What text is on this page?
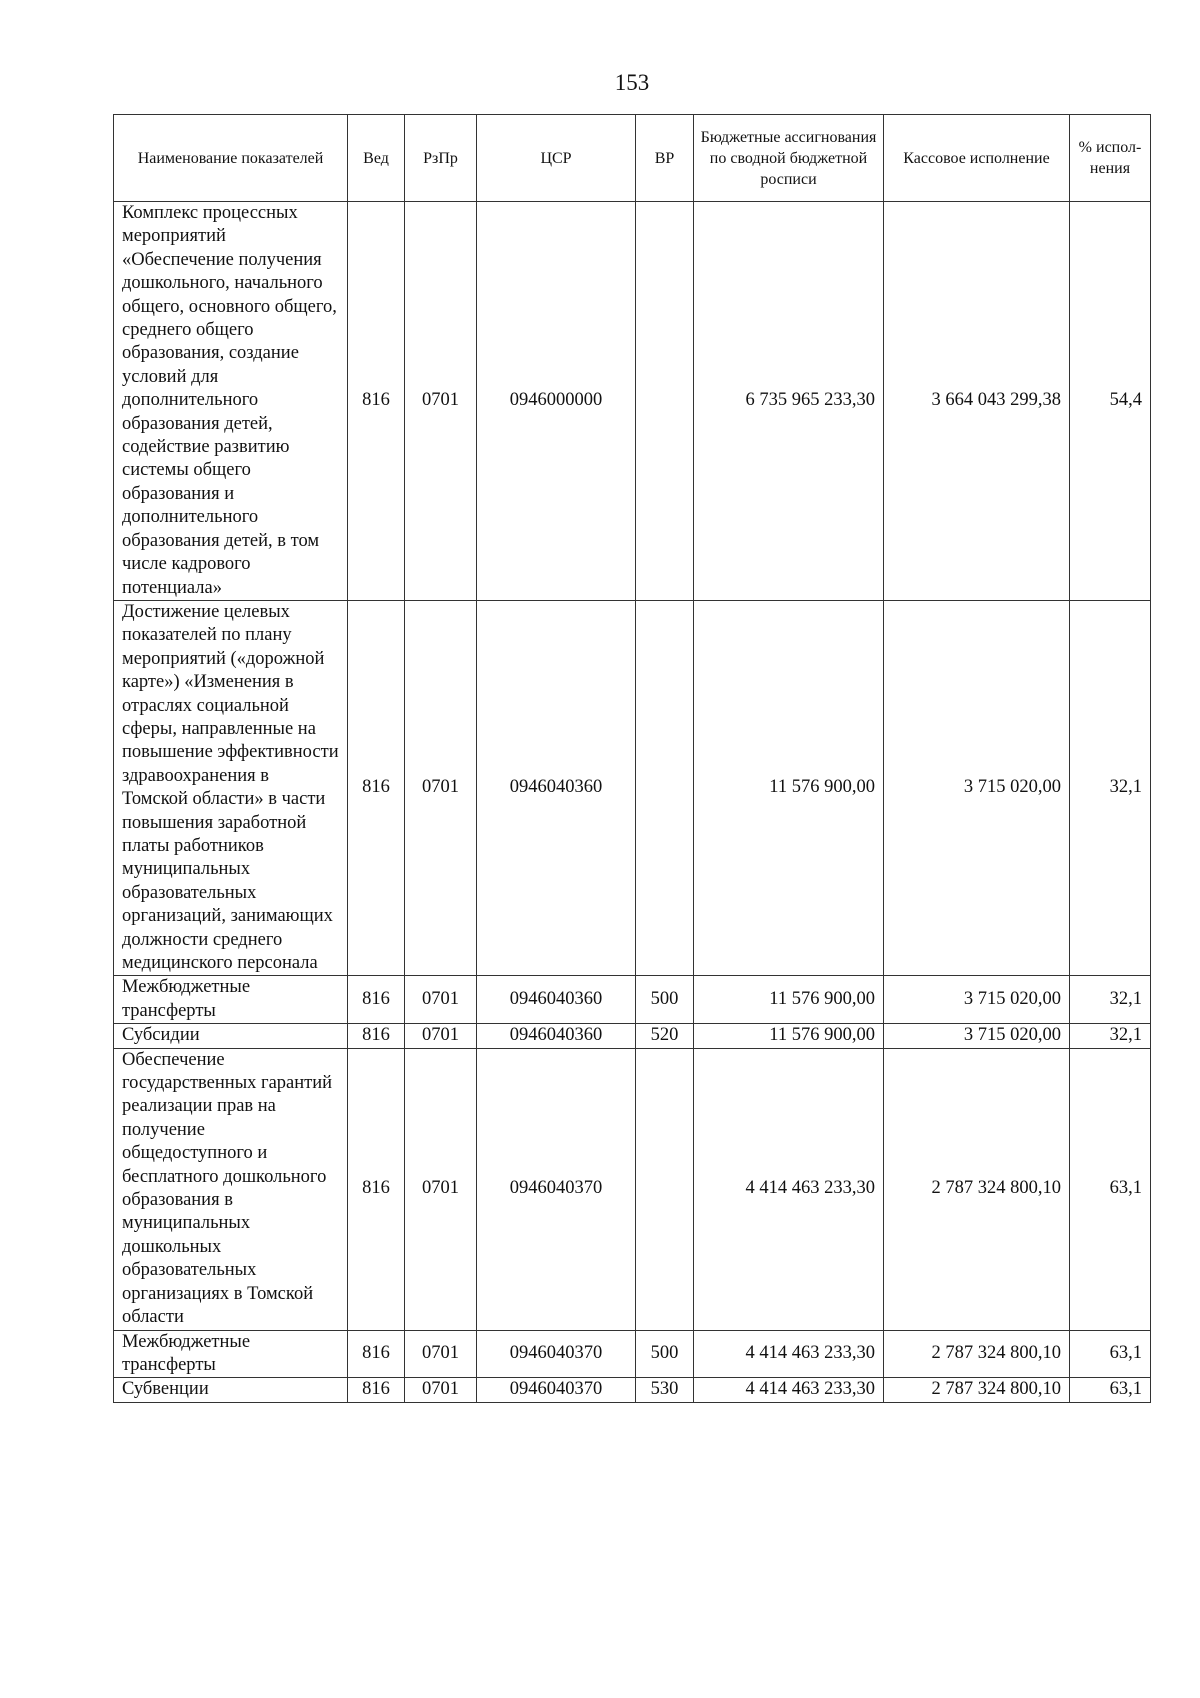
153
Наименование показателей	Вед	РзПр	ЦСР	ВР	Бюджетные ассигнования по сводной бюджетной росписи	Кассовое исполнение	% испол-нения
Комплекс процессных мероприятий «Обеспечение получения дошкольного, начального общего, основного общего, среднего общего образования, создание условий для дополнительного образования детей, содействие развитию системы общего образования и дополнительного образования детей, в том числе кадрового потенциала»	816	0701	0946000000		6 735 965 233,30	3 664 043 299,38	54,4
Достижение целевых показателей по плану мероприятий («дорожной карте») «Изменения в отраслях социальной сферы, направленные на повышение эффективности здравоохранения в Томской области» в части повышения заработной платы работников муниципальных образовательных организаций, занимающих должности среднего медицинского персонала	816	0701	0946040360		11 576 900,00	3 715 020,00	32,1
Межбюджетные трансферты	816	0701	0946040360	500	11 576 900,00	3 715 020,00	32,1
Субсидии	816	0701	0946040360	520	11 576 900,00	3 715 020,00	32,1
Обеспечение государственных гарантий реализации прав на получение общедоступного и бесплатного дошкольного образования в муниципальных дошкольных образовательных организациях в Томской области	816	0701	0946040370		4 414 463 233,30	2 787 324 800,10	63,1
Межбюджетные трансферты	816	0701	0946040370	500	4 414 463 233,30	2 787 324 800,10	63,1
Субвенции	816	0701	0946040370	530	4 414 463 233,30	2 787 324 800,10	63,1
